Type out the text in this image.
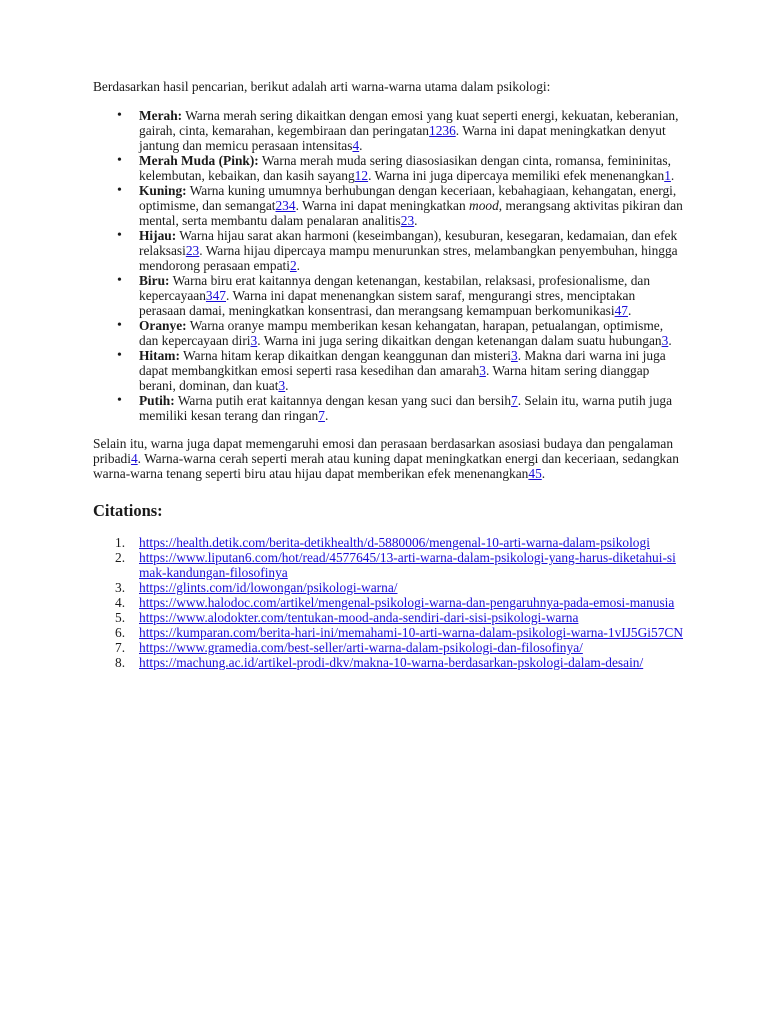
Berdasarkan hasil pencarian, berikut adalah arti warna-warna utama dalam psikologi:

• Merah: Warna merah sering dikaitkan dengan emosi yang kuat seperti energi, kekuatan, keberanian, gairah, cinta, kemarahan, kegembiraan dan peringatan1236. Warna ini dapat meningkatkan denyut jantung dan memicu perasaan intensitas4.
• Merah Muda (Pink): Warna merah muda sering diasosiasikan dengan cinta, romansa, femininitas, kelembutan, kebaikan, dan kasih sayang12. Warna ini juga dipercaya memiliki efek menenangkan1.
• Kuning: Warna kuning umumnya berhubungan dengan keceriaan, kebahagiaan, kehangatan, energi, optimisme, dan semangat234. Warna ini dapat meningkatkan mood, merangsang aktivitas pikiran dan mental, serta membantu dalam penalaran analitis23.
• Hijau: Warna hijau sarat akan harmoni (keseimbangan), kesuburan, kesegaran, kedamaian, dan efek relaksasi23. Warna hijau dipercaya mampu menurunkan stres, melambangkan penyembuhan, hingga mendorong perasaan empati2.
• Biru: Warna biru erat kaitannya dengan ketenangan, kestabilan, relaksasi, profesionalisme, dan kepercayaan347. Warna ini dapat menenangkan sistem saraf, mengurangi stres, menciptakan perasaan damai, meningkatkan konsentrasi, dan merangsang kemampuan berkomunikasi47.
• Oranye: Warna oranye mampu memberikan kesan kehangatan, harapan, petualangan, optimisme, dan kepercayaan diri3. Warna ini juga sering dikaitkan dengan ketenangan dalam suatu hubungan3.
• Hitam: Warna hitam kerap dikaitkan dengan keanggunan dan misteri3. Makna dari warna ini juga dapat membangkitkan emosi seperti rasa kesedihan dan amarah3. Warna hitam sering dianggap berani, dominan, dan kuat3.
• Putih: Warna putih erat kaitannya dengan kesan yang suci dan bersih7. Selain itu, warna putih juga memiliki kesan terang dan ringan7.

Selain itu, warna juga dapat memengaruhi emosi dan perasaan berdasarkan asosiasi budaya dan pengalaman pribadi4. Warna-warna cerah seperti merah atau kuning dapat meningkatkan energi dan keceriaan, sedangkan warna-warna tenang seperti biru atau hijau dapat memberikan efek menenangkan45.

Citations:
1. https://health.detik.com/berita-detikhealth/d-5880006/mengenal-10-arti-warna-dalam-psikologi
2. https://www.liputan6.com/hot/read/4577645/13-arti-warna-dalam-psikologi-yang-harus-diketahui-simak-kandungan-filosofinya
3. https://glints.com/id/lowongan/psikologi-warna/
4. https://www.halodoc.com/artikel/mengenal-psikologi-warna-dan-pengaruhnya-pada-emosi-manusia
5. https://www.alodokter.com/tentukan-mood-anda-sendiri-dari-sisi-psikologi-warna
6. https://kumparan.com/berita-hari-ini/memahami-10-arti-warna-dalam-psikologi-warna-1vIJ5Gi57CN
7. https://www.gramedia.com/best-seller/arti-warna-dalam-psikologi-dan-filosofinya/
8. https://machung.ac.id/artikel-prodi-dkv/makna-10-warna-berdasarkan-pskologi-dalam-desain/
